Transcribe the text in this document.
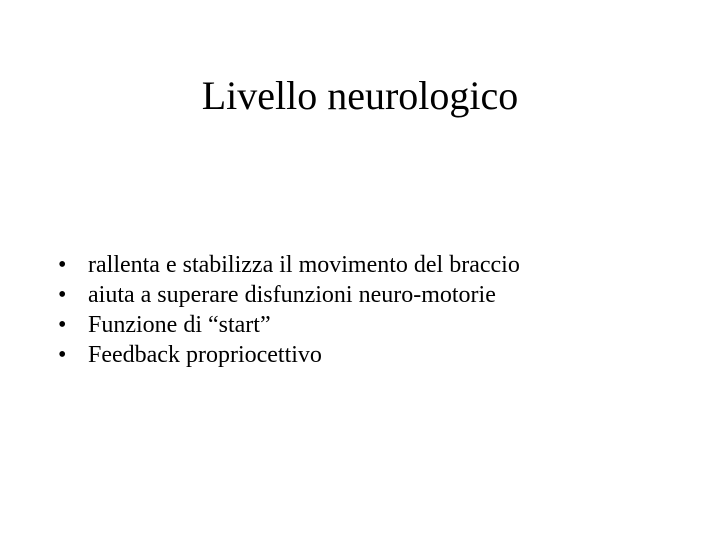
Livello neurologico
• rallenta e stabilizza il movimento del braccio
• aiuta a superare disfunzioni neuro-motorie
• Funzione di “start”
• Feedback propriocettivo
